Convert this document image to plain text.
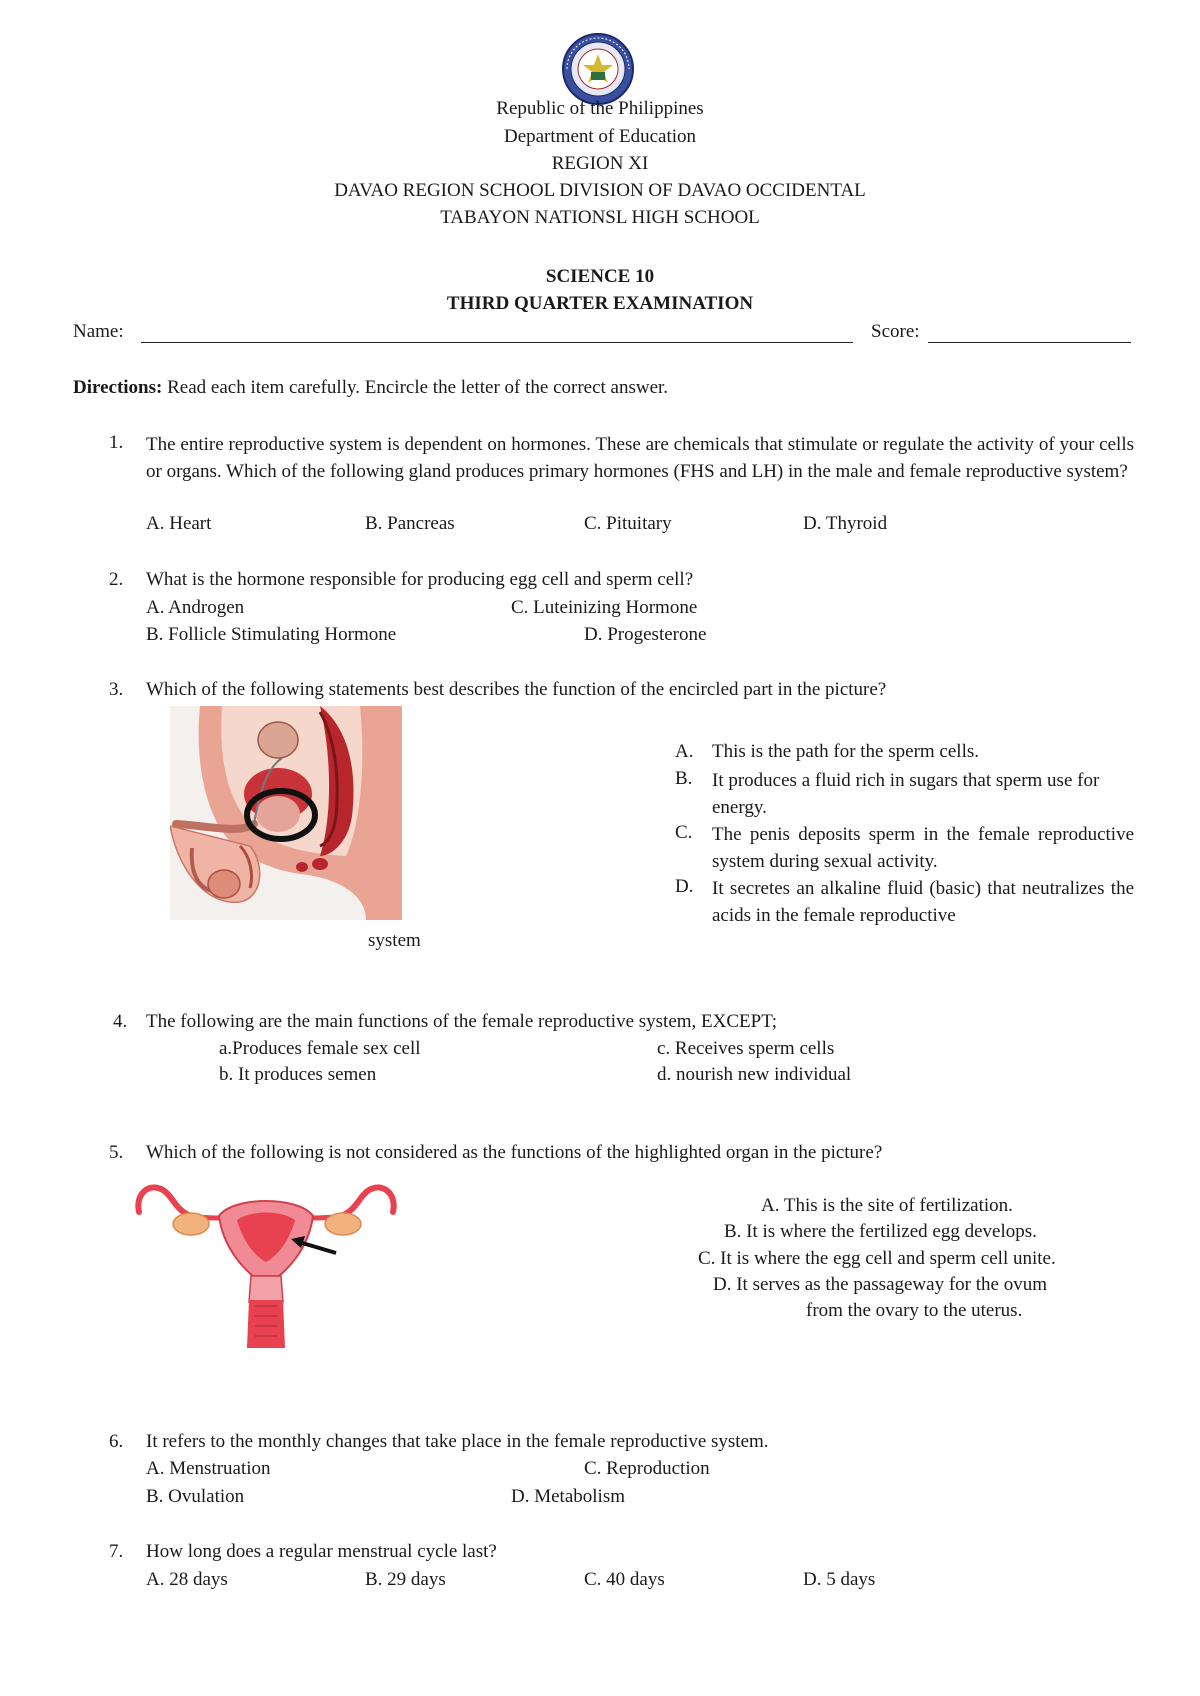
Republic of the Philippines
Department of Education
REGION XI
DAVAO REGION SCHOOL DIVISION OF DAVAO OCCIDENTAL
TABAYON NATIONSL HIGH SCHOOL
SCIENCE 10
THIRD QUARTER EXAMINATION
Name:	Score:
Directions: Read each item carefully. Encircle the letter of the correct answer.
1. The entire reproductive system is dependent on hormones. These are chemicals that stimulate or regulate the activity of your cells or organs. Which of the following gland produces primary hormones (FHS and LH) in the male and female reproductive system?
A. Heart	B. Pancreas	C. Pituitary	D. Thyroid
2. What is the hormone responsible for producing egg cell and sperm cell?
A. Androgen	C. Luteinizing Hormone
B. Follicle Stimulating Hormone	D. Progesterone
3. Which of the following statements best describes the function of the encircled part in the picture?
A. This is the path for the sperm cells.
B. It produces a fluid rich in sugars that sperm use for energy.
C. The penis deposits sperm in the female reproductive system during sexual activity.
D. It secretes an alkaline fluid (basic) that neutralizes the acids in the female reproductive
system
4. The following are the main functions of the female reproductive system, EXCEPT;
a.Produces female sex cell	c. Receives sperm cells
b. It produces semen	d. nourish new individual
5. Which of the following is not considered as the functions of the highlighted organ in the picture?
A. This is the site of fertilization.
B. It is where the fertilized egg develops.
C. It is where the egg cell and sperm cell unite.
D. It serves as the passageway for the ovum
from the ovary to the uterus.
6. It refers to the monthly changes that take place in the female reproductive system.
A. Menstruation	C. Reproduction
B. Ovulation	D. Metabolism
7. How long does a regular menstrual cycle last?
A. 28 days	B. 29 days	C. 40 days	D. 5 days
